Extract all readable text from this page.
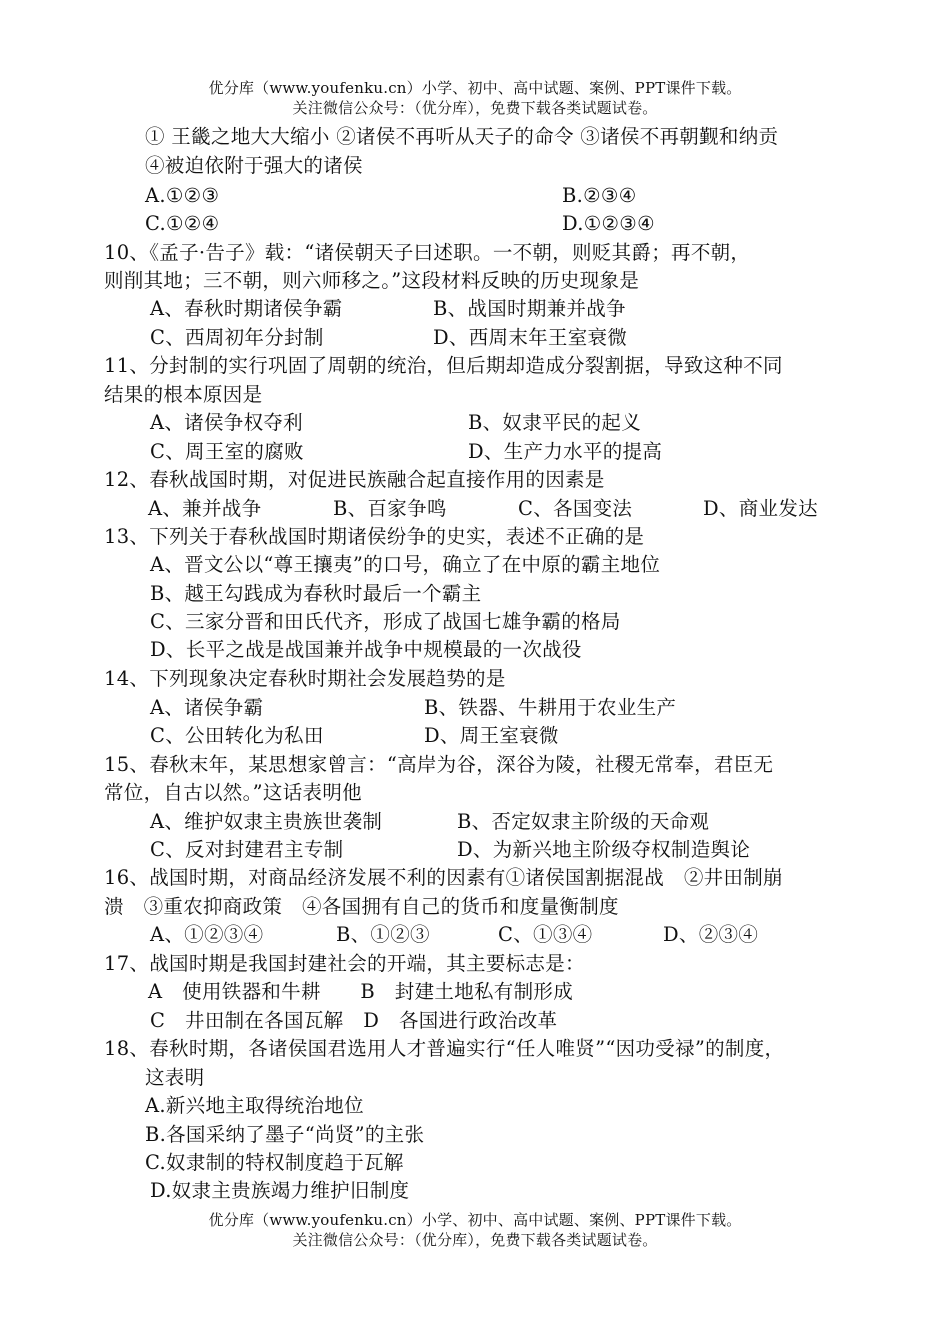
优分库（www.youfenku.cn）小学、初中、高中试题、案例、PPT课件下载。
关注微信公众号：（优分库），免费下载各类试题试卷。
① 王畿之地大大缩小 ②诸侯不再听从天子的命令 ③诸侯不再朝觐和纳贡
④被迫依附于强大的诸侯
A.①②③	B.②③④
C.①②④	D.①②③④
10、《孟子·告子》载：“诸侯朝天子曰述职。一不朝，则贬其爵；再不朝，
则削其地；三不朝，则六师移之。”这段材料反映的历史现象是
A、春秋时期诸侯争霸	B、战国时期兼并战争
C、西周初年分封制	D、西周末年王室衰微
11、分封制的实行巩固了周朝的统治，但后期却造成分裂割据，导致这种不同
结果的根本原因是
A、诸侯争权夺利	B、奴隶平民的起义
C、周王室的腐败	D、生产力水平的提高
12、春秋战国时期，对促进民族融合起直接作用的因素是
A、兼并战争	B、百家争鸣	C、各国变法	D、商业发达
13、下列关于春秋战国时期诸侯纷争的史实，表述不正确的是
A、晋文公以“尊王攘夷”的口号，确立了在中原的霸主地位
B、越王勾践成为春秋时最后一个霸主
C、三家分晋和田氏代齐，形成了战国七雄争霸的格局
D、长平之战是战国兼并战争中规模最的一次战役
14、下列现象决定春秋时期社会发展趋势的是
A、诸侯争霸	B、铁器、牛耕用于农业生产
C、公田转化为私田	D、周王室衰微
15、春秋末年，某思想家曾言：“高岸为谷，深谷为陵，社稷无常奉，君臣无
常位，自古以然。”这话表明他
A、维护奴隶主贵族世袭制	B、否定奴隶主阶级的天命观
C、反对封建君主专制	D、为新兴地主阶级夺权制造舆论
16、战国时期，对商品经济发展不利的因素有①诸侯国割据混战　②井田制崩
溃　③重农抑商政策　④各国拥有自己的货币和度量衡制度
A、①②③④	B、①②③	C、①③④	D、②③④
17、战国时期是我国封建社会的开端，其主要标志是：
A　使用铁器和牛耕　　B　封建土地私有制形成
C　井田制在各国瓦解　D　各国进行政治改革
18、春秋时期，各诸侯国君选用人才普遍实行“任人唯贤”“因功受禄”的制度，
这表明
A.新兴地主取得统治地位
B.各国采纳了墨子“尚贤”的主张
C.奴隶制的特权制度趋于瓦解
D.奴隶主贵族竭力维护旧制度
优分库（www.youfenku.cn）小学、初中、高中试题、案例、PPT课件下载。
关注微信公众号：（优分库），免费下载各类试题试卷。
